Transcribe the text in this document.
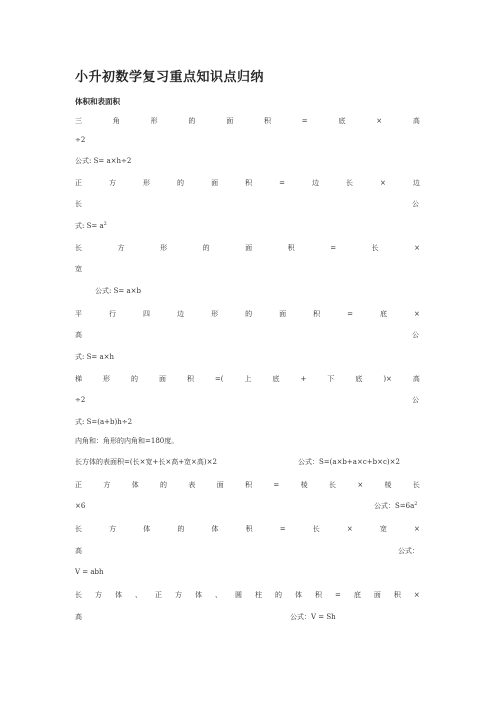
小升初数学复习重点知识点归纳
体积和表面积
三	角	形	的	面	积	=	底	×	高
÷2
公式: S= a×h÷2
正	方	形	的	面	积	=	边	长	×	边
长	公
式: $S= a^2$
长	方	形	的	面	积	=	长	×
宽
公式: S= a×b
平	行	四	边	形	的	面	积	=	底	×
高	公
式: S= a×h
梯	形	的	面	积	=(	上	底	+	下	底	)×	高
÷2	公
式: S=(a+b)h÷2
内角和：角形的内角和=180度。
长方体的表面积=(长×宽+长×高+宽×高)×2	公式：S=(a×b+a×c+b×c)×2
正	方	体	的	表	面	积	=	棱	长	×	棱	长
×6	公式：$S=6a^2$
长	方	体	的	体	积	=	长	×	宽	×
高	公式：
V = abh
长 方 体 、 正 方 体 、 圆 柱 的 体 积 = 底 面 积 ×
高	公式：V = Sh
